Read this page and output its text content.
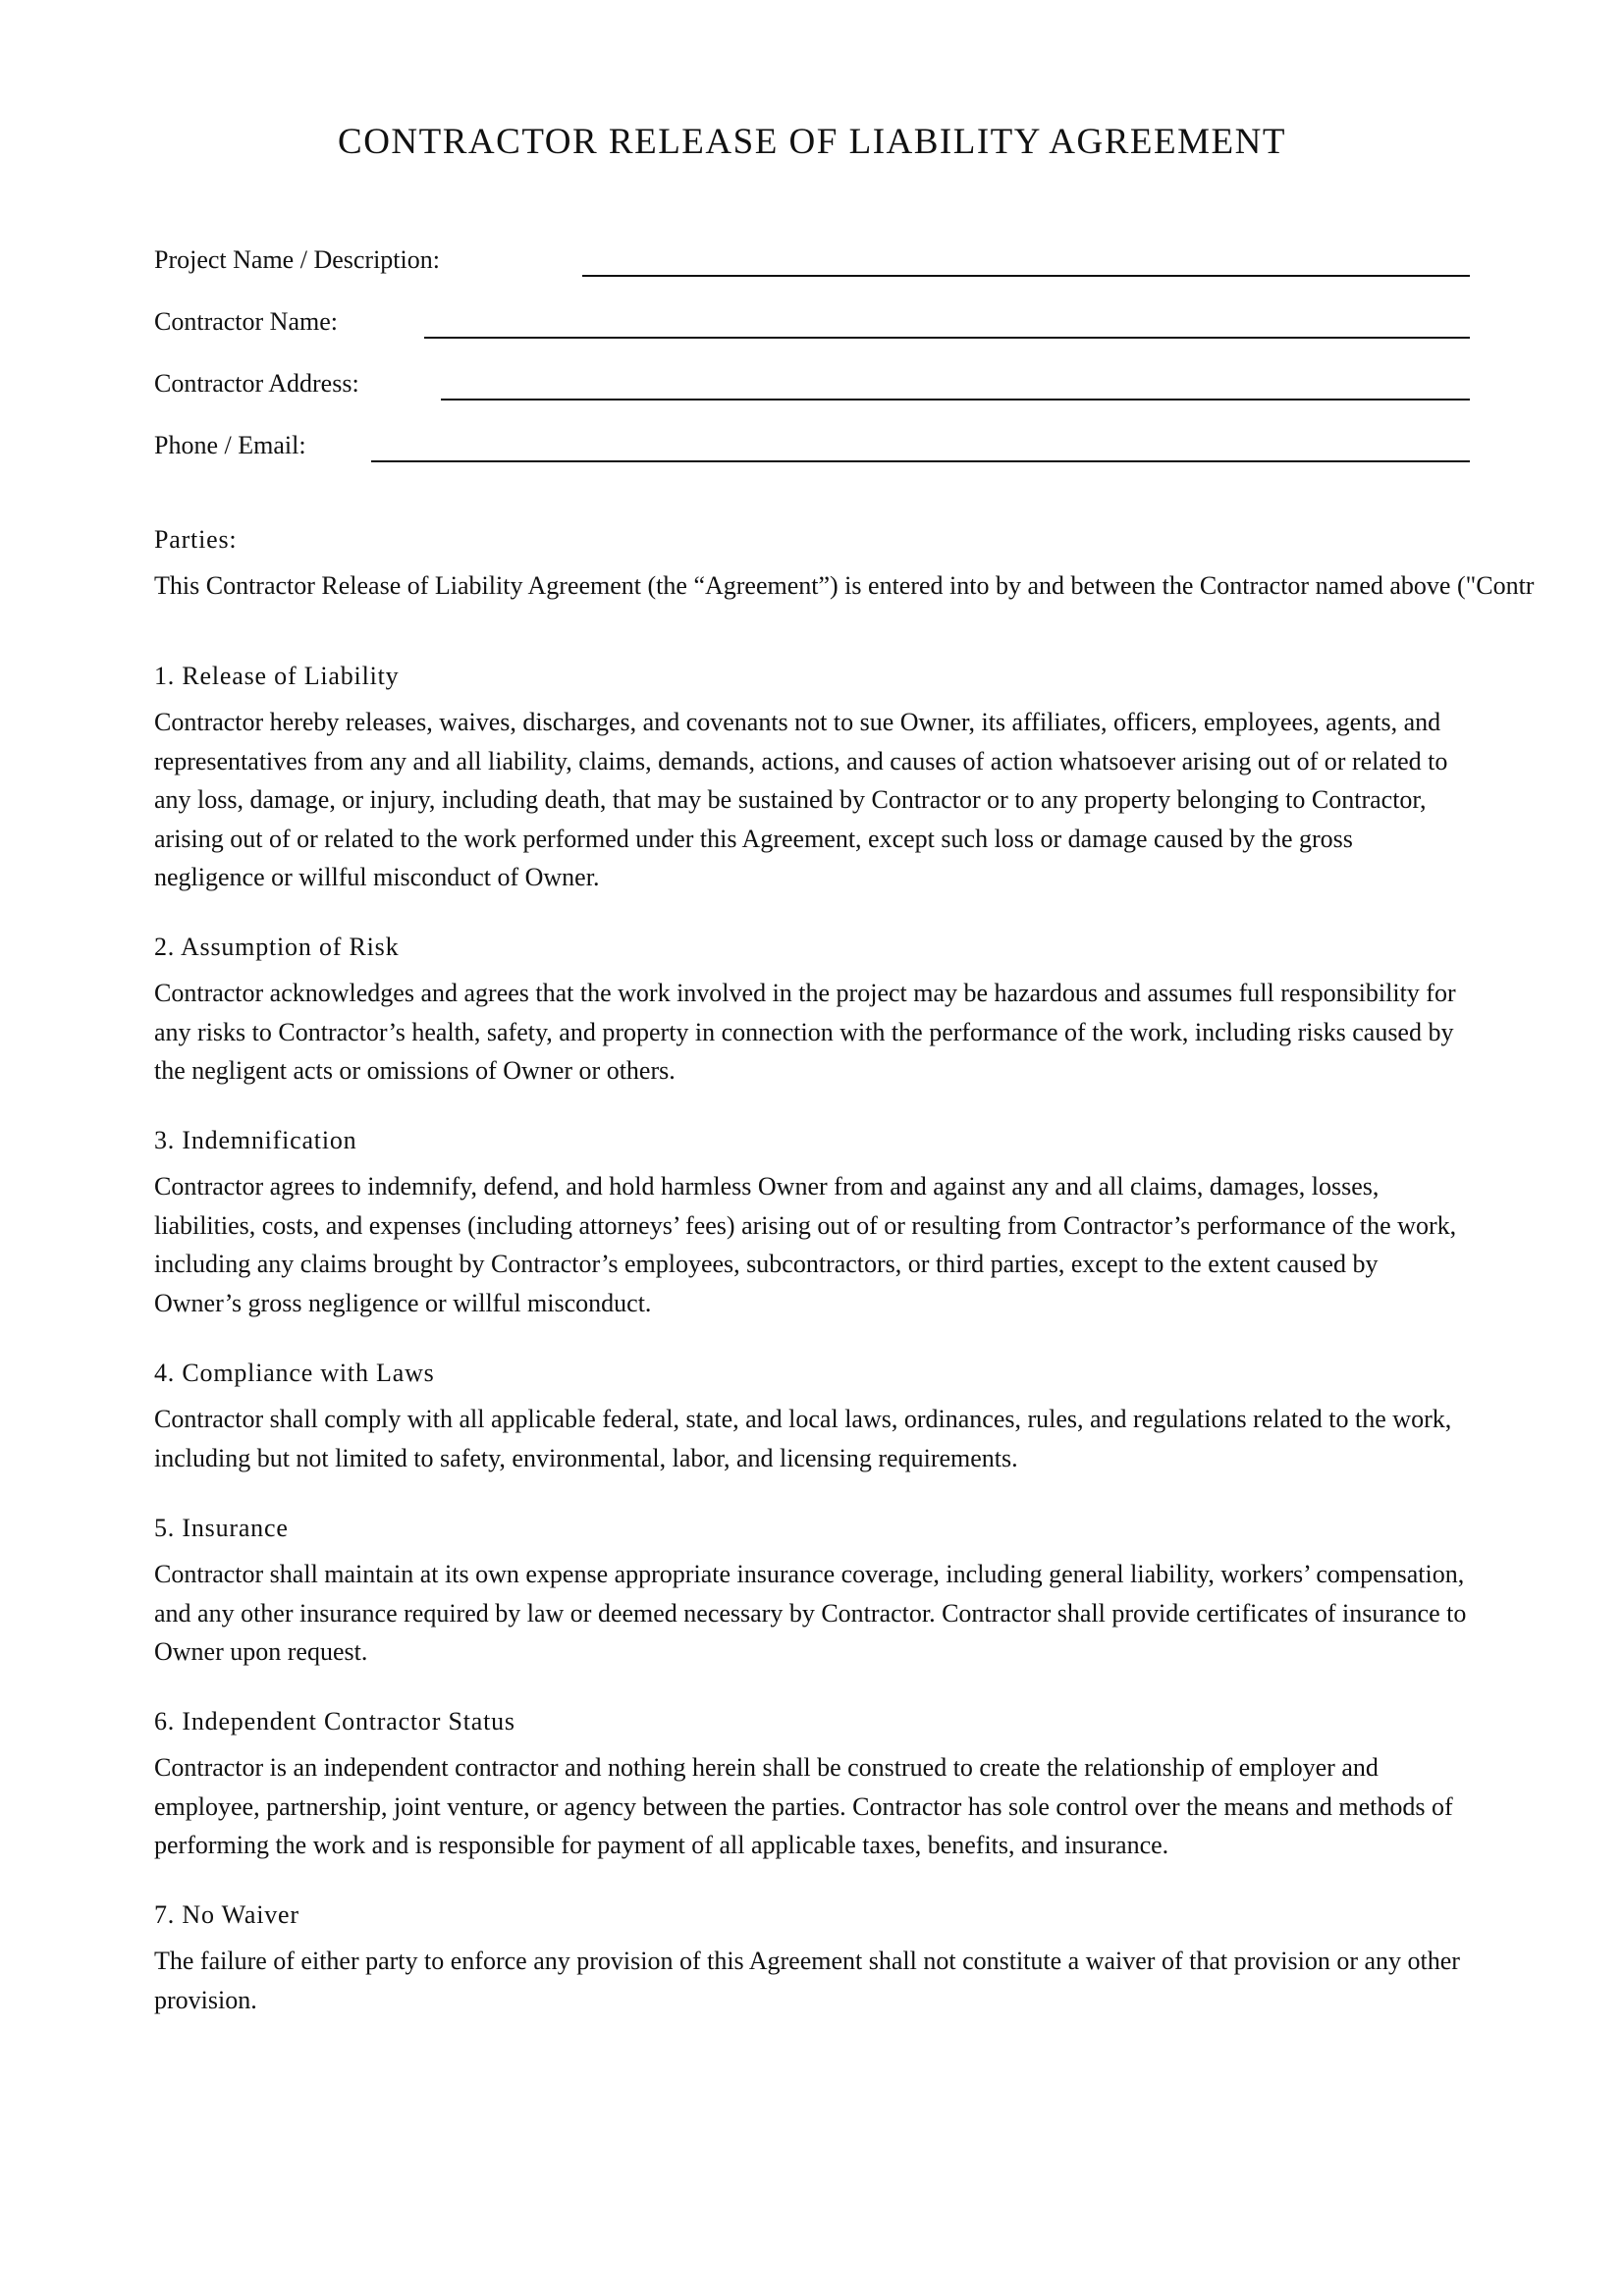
CONTRACTOR RELEASE OF LIABILITY AGREEMENT
Project Name / Description:
Contractor Name:
Contractor Address:
Phone / Email:
Parties:

This Contractor Release of Liability Agreement (the “Agreement”) is entered into by and between the Contractor named above ("Contr

1. Release of Liability

Contractor hereby releases, waives, discharges, and covenants not to sue Owner, its affiliates, officers, employees, agents, and representatives from any and all liability, claims, demands, actions, and causes of action whatsoever arising out of or related to any loss, damage, or injury, including death, that may be sustained by Contractor or to any property belonging to Contractor, arising out of or related to the work performed under this Agreement, except such loss or damage caused by the gross negligence or willful misconduct of Owner.

2. Assumption of Risk

Contractor acknowledges and agrees that the work involved in the project may be hazardous and assumes full responsibility for any risks to Contractor’s health, safety, and property in connection with the performance of the work, including risks caused by the negligent acts or omissions of Owner or others.

3. Indemnification

Contractor agrees to indemnify, defend, and hold harmless Owner from and against any and all claims, damages, losses, liabilities, costs, and expenses (including attorneys’ fees) arising out of or resulting from Contractor’s performance of the work, including any claims brought by Contractor’s employees, subcontractors, or third parties, except to the extent caused by Owner’s gross negligence or willful misconduct.

4. Compliance with Laws

Contractor shall comply with all applicable federal, state, and local laws, ordinances, rules, and regulations related to the work, including but not limited to safety, environmental, labor, and licensing requirements.

5. Insurance

Contractor shall maintain at its own expense appropriate insurance coverage, including general liability, workers’ compensation, and any other insurance required by law or deemed necessary by Contractor. Contractor shall provide certificates of insurance to Owner upon request.

6. Independent Contractor Status

Contractor is an independent contractor and nothing herein shall be construed to create the relationship of employer and employee, partnership, joint venture, or agency between the parties. Contractor has sole control over the means and methods of performing the work and is responsible for payment of all applicable taxes, benefits, and insurance.

7. No Waiver

The failure of either party to enforce any provision of this Agreement shall not constitute a waiver of that provision or any other provision.
